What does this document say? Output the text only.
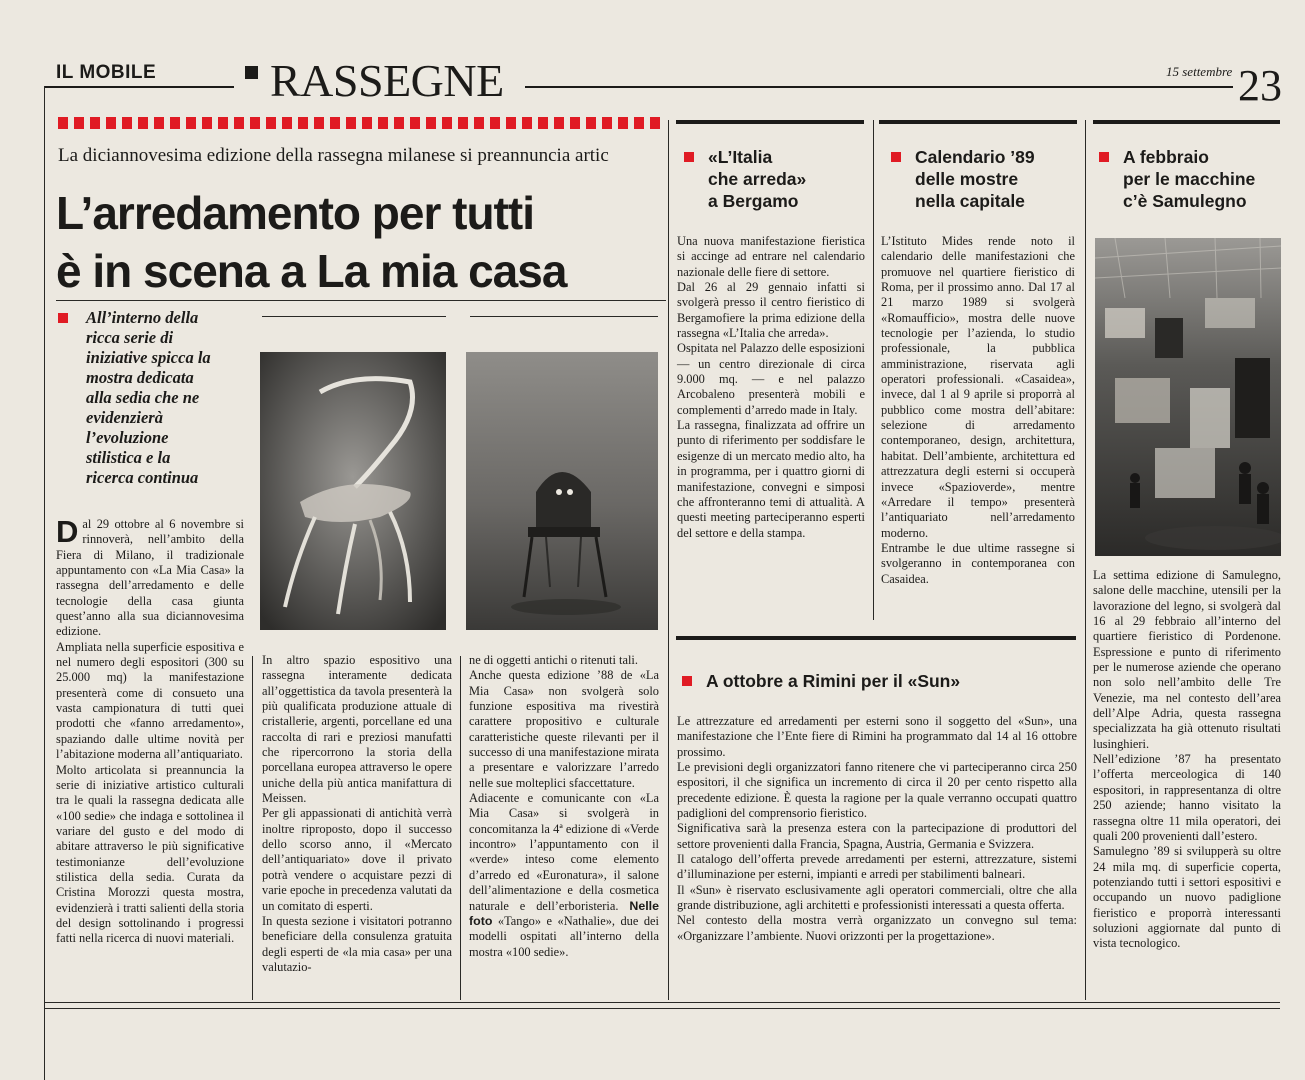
IL MOBILE RASSEGNE	15 settembre 23
La diciannovesima edizione della rassegna milanese si preannuncia artic
L’arredamento per tutti
è in scena a La mia casa
All’interno della
ricca serie di
iniziative spicca la
mostra dedicata
alla sedia che ne
evidenzierà
l’evoluzione
stilistica e la
ricerca continua

Dal 29 ottobre al 6 novembre si rinnoverà, nell’ambito della Fiera di Milano, il tradizionale appuntamento con «La Mia Casa» la rassegna dell’arredamento e delle tecnologie della casa giunta quest’anno alla sua diciannovesima edizione.

Ampliata nella superficie espositiva e nel numero degli espositori (300 su 25.000 mq) la manifestazione presenterà come di consueto una vasta campionatura di tutti quei prodotti che «fanno arredamento», spaziando dalle ultime novità per l’abitazione moderna all’antiquariato.

Molto articolata si preannuncia la serie di iniziative artistico culturali tra le quali la rassegna dedicata alle «100 sedie» che indaga e sottolinea il variare del gusto e del modo di abitare attraverso le più significative testimonianze dell’evoluzione stilistica della sedia. Curata da Cristina Morozzi questa mostra, evidenzierà i tratti salienti della storia del design sottolinando i progressi fatti nella ricerca di nuovi materiali.

In altro spazio espositivo una rassegna interamente dedicata all’oggettistica da tavola presenterà la più qualificata produzione attuale di cristallerie, argenti, porcellane ed una raccolta di rari e preziosi manufatti che ripercorrono la storia della porcellana europea attraverso le opere uniche della più antica manifattura di Meissen.

Per gli appassionati di antichità verrà inoltre riproposto, dopo il successo dello scorso anno, il «Mercato dell’antiquariato» dove il privato potrà vendere o acquistare pezzi di varie epoche in precedenza valutati da un comitato di esperti.

In questa sezione i visitatori potranno beneficiare della consulenza gratuita degli esperti de «la mia casa» per una valutazio-

ne di oggetti antichi o ritenuti tali.

Anche questa edizione ’88 de «La Mia Casa» non svolgerà solo funzione espositiva ma rivestirà carattere propositivo e culturale caratteristiche queste rilevanti per il successo di una manifestazione mirata a presentare e valorizzare l’arredo nelle sue molteplici sfaccettature.

Adiacente e comunicante con «La Mia Casa» si svolgerà in concomitanza la 4ª edizione di «Verde incontro» l’appuntamento con il «verde» inteso come elemento d’arredo ed «Euronatura», il salone dell’alimentazione e della cosmetica naturale e dell’erboristeria. Nelle foto «Tango» e «Nathalie», due dei modelli ospitati all’interno della mostra «100 sedie».

«L’Italia
che arreda»
a Bergamo

Una nuova manifestazione fieristica si accinge ad entrare nel calendario nazionale delle fiere di settore.

Dal 26 al 29 gennaio infatti si svolgerà presso il centro fieristico di Bergamofiere la prima edizione della rassegna «L’Italia che arreda».

Ospitata nel Palazzo delle esposizioni — un centro direzionale di circa 9.000 mq. — e nel palazzo Arcobaleno presenterà mobili e complementi d’arredo made in Italy.

La rassegna, finalizzata ad offrire un punto di riferimento per soddisfare le esigenze di un mercato medio alto, ha in programma, per i quattro giorni di manifestazione, convegni e simposi che affronteranno temi di attualità. A questi meeting parteciperanno esperti del settore e della stampa.

Calendario ’89
delle mostre
nella capitale

L’Istituto Mides rende noto il calendario delle manifestazioni che promuove nel quartiere fieristico di Roma, per il prossimo anno. Dal 17 al 21 marzo 1989 si svolgerà «Romaufficio», mostra delle nuove tecnologie per l’azienda, lo studio professionale, la pubblica amministrazione, riservata agli operatori professionali. «Casaidea», invece, dal 1 al 9 aprile si proporrà al pubblico come mostra dell’abitare: selezione di arredamento contemporaneo, design, architettura, habitat. Dell’ambiente, architettura ed attrezzatura degli esterni si occuperà invece «Spazioverde», mentre «Arredare il tempo» presenterà l’antiquariato nell’arredamento moderno.

Entrambe le due ultime rassegne si svolgeranno in contemporanea con Casaidea.

A febbraio
per le macchine
c’è Samulegno

La settima edizione di Samulegno, salone delle macchine, utensili per la lavorazione del legno, si svolgerà dal 16 al 29 febbraio all’interno del quartiere fieristico di Pordenone. Espressione e punto di riferimento per le numerose aziende che operano non solo nell’ambito delle Tre Venezie, ma nel contesto dell’area dell’Alpe Adria, questa rassegna specializzata ha già ottenuto risultati lusinghieri.

Nell’edizione ’87 ha presentato l’offerta merceologica di 140 espositori, in rappresentanza di oltre 250 aziende; hanno visitato la rassegna oltre 11 mila operatori, dei quali 200 provenienti dall’estero.

Samulegno ’89 si svilupperà su oltre 24 mila mq. di superficie coperta, potenziando tutti i settori espositivi e occupando un nuovo padiglione fieristico e proporrà interessanti soluzioni aggiornate dal punto di vista tecnologico.

A ottobre a Rimini per il «Sun»

Le attrezzature ed arredamenti per esterni sono il soggetto del «Sun», una manifestazione che l’Ente fiere di Rimini ha programmato dal 14 al 16 ottobre prossimo.

Le previsioni degli organizzatori fanno ritenere che vi parteciperanno circa 250 espositori, il che significa un incremento di circa il 20 per cento rispetto alla precedente edizione. È questa la ragione per la quale verranno occupati quattro padiglioni del comprensorio fieristico.

Significativa sarà la presenza estera con la partecipazione di produttori del settore provenienti dalla Francia, Spagna, Austria, Germania e Svizzera.

Il catalogo dell’offerta prevede arredamenti per esterni, attrezzature, sistemi d’illuminazione per esterni, impianti e arredi per stabilimenti balneari.

Il «Sun» è riservato esclusivamente agli operatori commerciali, oltre che alla grande distribuzione, agli architetti e professionisti interessati a questa offerta.

Nel contesto della mostra verrà organizzato un convegno sul tema: «Organizzare l’ambiente. Nuovi orizzonti per la progettazione».
